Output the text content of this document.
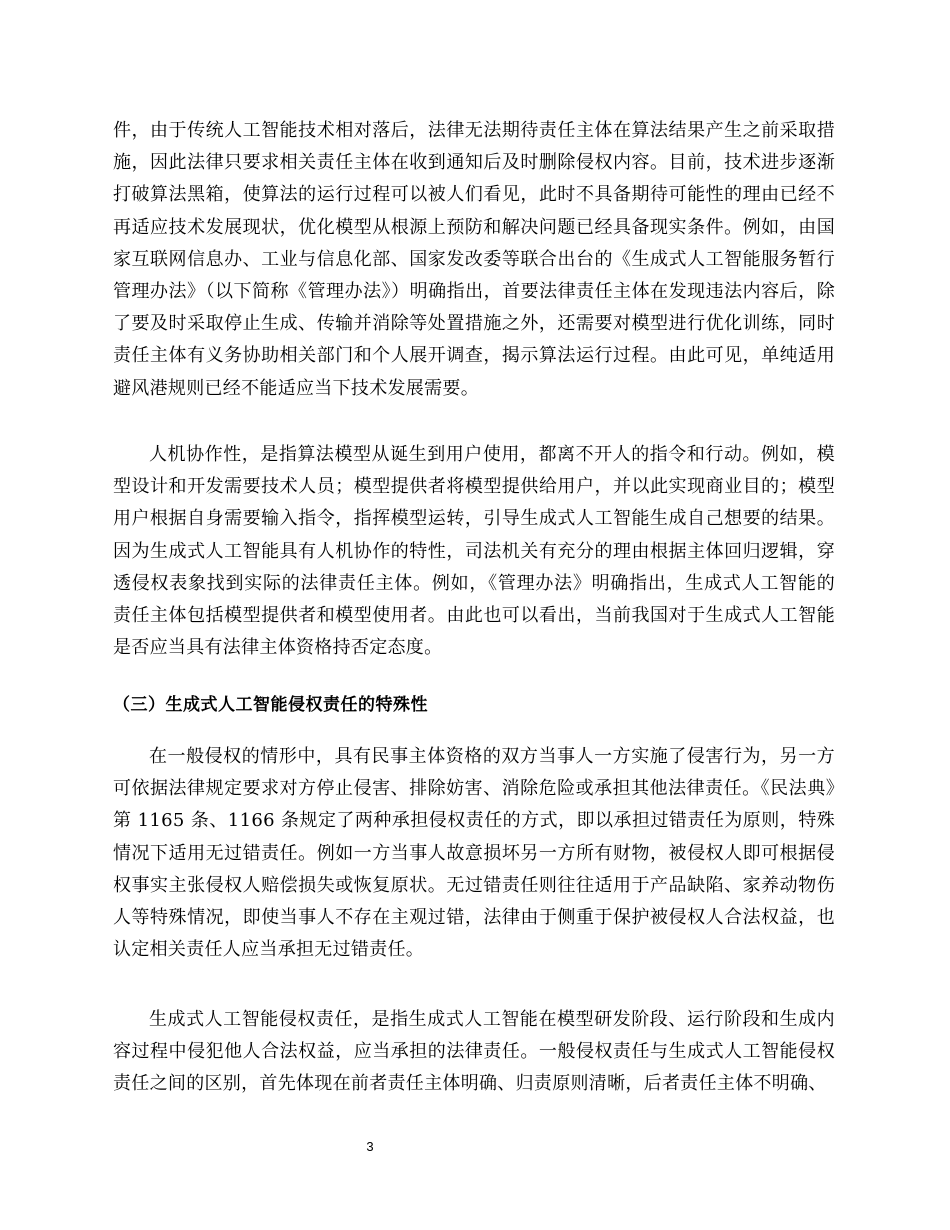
件，由于传统人工智能技术相对落后，法律无法期待责任主体在算法结果产生之前采取措施，因此法律只要求相关责任主体在收到通知后及时删除侵权内容。目前，技术进步逐渐打破算法黑箱，使算法的运行过程可以被人们看见，此时不具备期待可能性的理由已经不再适应技术发展现状，优化模型从根源上预防和解决问题已经具备现实条件。例如，由国家互联网信息办、工业与信息化部、国家发改委等联合出台的《生成式人工智能服务暂行管理办法》（以下简称《管理办法》）明确指出，首要法律责任主体在发现违法内容后，除了要及时采取停止生成、传输并消除等处置措施之外，还需要对模型进行优化训练，同时责任主体有义务协助相关部门和个人展开调查，揭示算法运行过程。由此可见，单纯适用避风港规则已经不能适应当下技术发展需要。

人机协作性，是指算法模型从诞生到用户使用，都离不开人的指令和行动。例如，模型设计和开发需要技术人员；模型提供者将模型提供给用户，并以此实现商业目的；模型用户根据自身需要输入指令，指挥模型运转，引导生成式人工智能生成自己想要的结果。因为生成式人工智能具有人机协作的特性，司法机关有充分的理由根据主体回归逻辑，穿透侵权表象找到实际的法律责任主体。例如，《管理办法》明确指出，生成式人工智能的责任主体包括模型提供者和模型使用者。由此也可以看出，当前我国对于生成式人工智能是否应当具有法律主体资格持否定态度。

（三）生成式人工智能侵权责任的特殊性

在一般侵权的情形中，具有民事主体资格的双方当事人一方实施了侵害行为，另一方可依据法律规定要求对方停止侵害、排除妨害、消除危险或承担其他法律责任。《民法典》第 1165 条、1166 条规定了两种承担侵权责任的方式，即以承担过错责任为原则，特殊情况下适用无过错责任。例如一方当事人故意损坏另一方所有财物，被侵权人即可根据侵权事实主张侵权人赔偿损失或恢复原状。无过错责任则往往适用于产品缺陷、家养动物伤人等特殊情况，即使当事人不存在主观过错，法律由于侧重于保护被侵权人合法权益，也认定相关责任人应当承担无过错责任。

生成式人工智能侵权责任，是指生成式人工智能在模型研发阶段、运行阶段和生成内容过程中侵犯他人合法权益，应当承担的法律责任。一般侵权责任与生成式人工智能侵权责任之间的区别，首先体现在前者责任主体明确、归责原则清晰，后者责任主体不明确、

3
